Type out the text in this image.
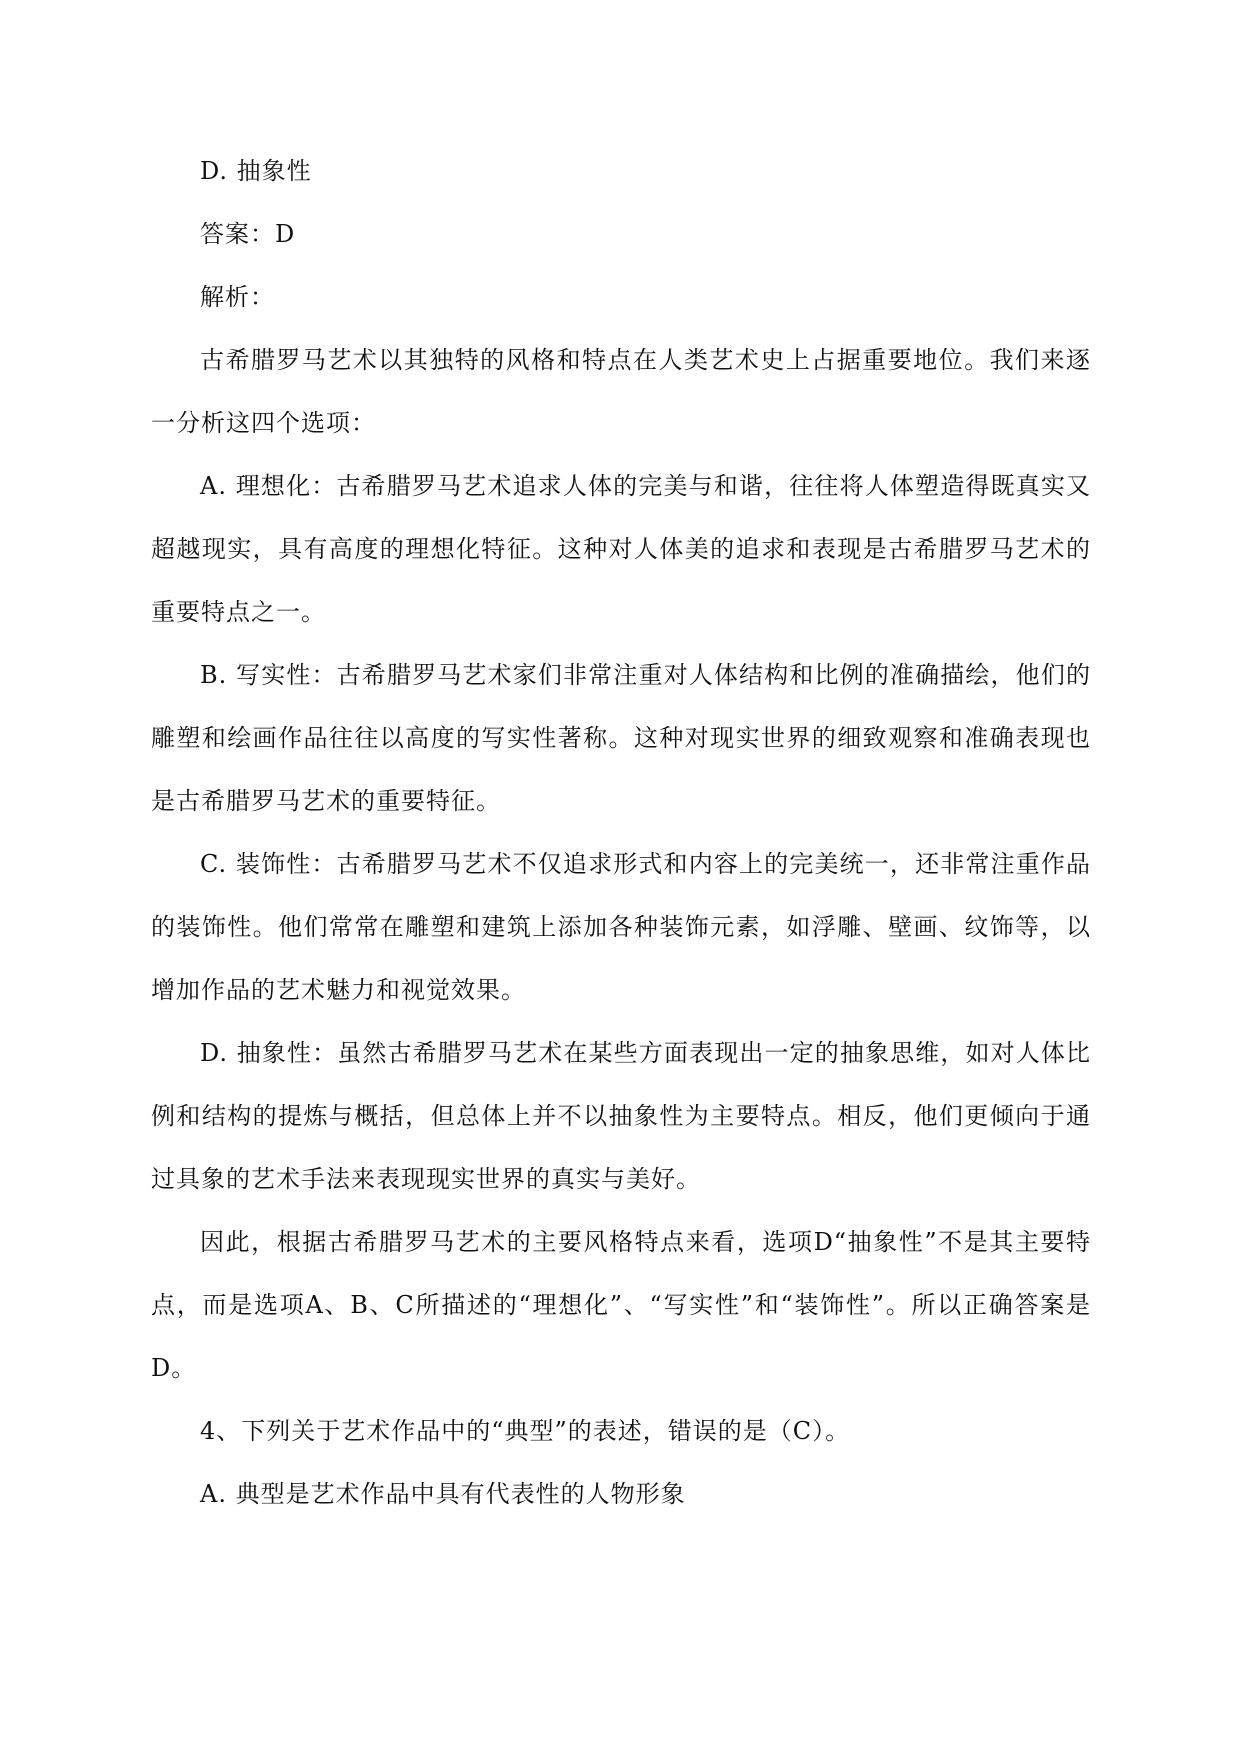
D. 抽象性

答案：D

解析：

古希腊罗马艺术以其独特的风格和特点在人类艺术史上占据重要地位。我们来逐一分析这四个选项：

A. 理想化：古希腊罗马艺术追求人体的完美与和谐，往往将人体塑造得既真实又超越现实，具有高度的理想化特征。这种对人体美的追求和表现是古希腊罗马艺术的重要特点之一。

B. 写实性：古希腊罗马艺术家们非常注重对人体结构和比例的准确描绘，他们的雕塑和绘画作品往往以高度的写实性著称。这种对现实世界的细致观察和准确表现也是古希腊罗马艺术的重要特征。

C. 装饰性：古希腊罗马艺术不仅追求形式和内容上的完美统一，还非常注重作品的装饰性。他们常常在雕塑和建筑上添加各种装饰元素，如浮雕、壁画、纹饰等，以增加作品的艺术魅力和视觉效果。

D. 抽象性：虽然古希腊罗马艺术在某些方面表现出一定的抽象思维，如对人体比例和结构的提炼与概括，但总体上并不以抽象性为主要特点。相反，他们更倾向于通过具象的艺术手法来表现现实世界的真实与美好。

因此，根据古希腊罗马艺术的主要风格特点来看，选项D“抽象性”不是其主要特点，而是选项A、B、C所描述的“理想化”、“写实性”和“装饰性”。所以正确答案是D。

4、下列关于艺术作品中的“典型”的表述，错误的是（C）。

A. 典型是艺术作品中具有代表性的人物形象
